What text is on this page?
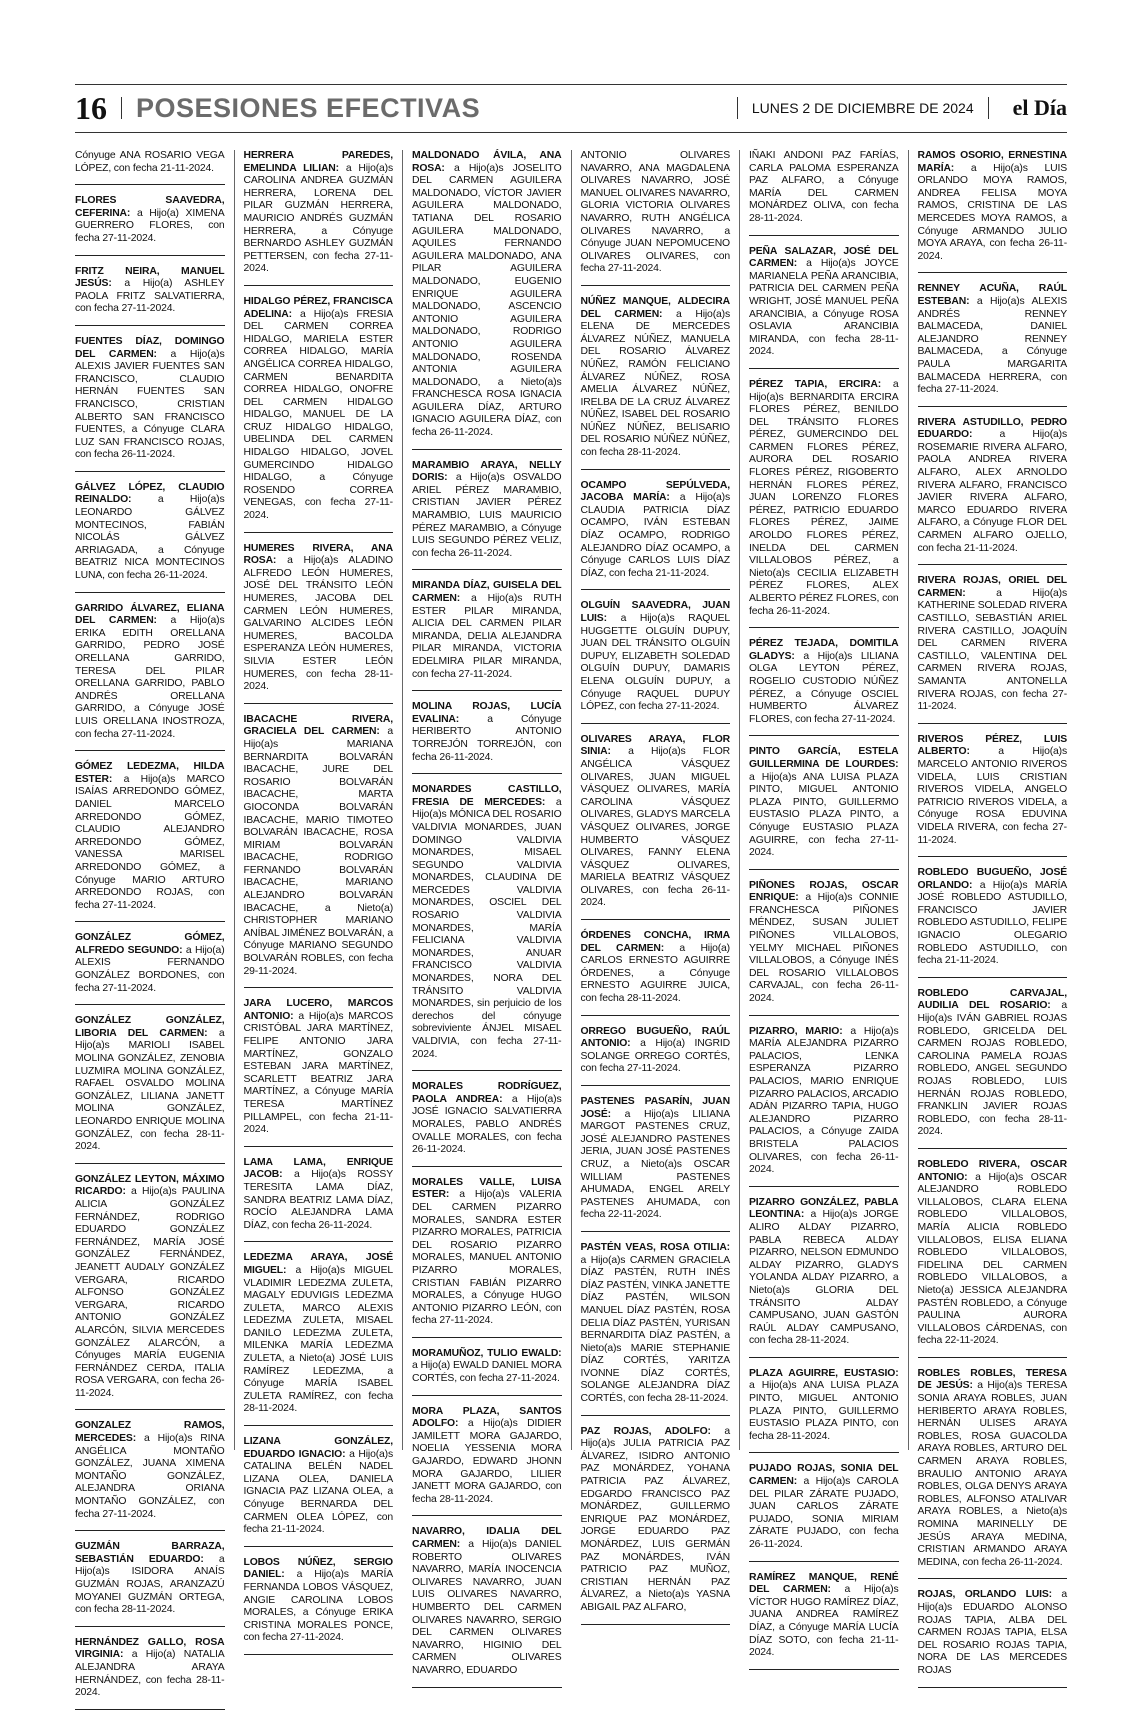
16 POSESIONES EFECTIVAS	LUNES 2 DE DICIEMBRE DE 2024 el Día

Cónyuge ANA ROSARIO VEGA LÓPEZ, con fecha 21-11-2024.

FLORES SAAVEDRA, CEFERINA: a Hijo(a) XIMENA GUERRERO FLORES, con fecha 27-11-2024.

FRITZ NEIRA, MANUEL JESÚS: a Hijo(a) ASHLEY PAOLA FRITZ SALVATIERRA, con fecha 27-11-2024.

FUENTES DÍAZ, DOMINGO DEL CARMEN: a Hijo(a)s ALEXIS JAVIER FUENTES SAN FRANCISCO, CLAUDIO HERNÁN FUENTES SAN FRANCISCO, CRISTIAN ALBERTO SAN FRANCISCO FUENTES, a Cónyuge CLARA LUZ SAN FRANCISCO ROJAS, con fecha 26-11-2024.

GÁLVEZ LÓPEZ, CLAUDIO REINALDO: a Hijo(a)s LEONARDO GÁLVEZ MONTECINOS, FABIÁN NICOLÁS GÁLVEZ ARRIAGADA, a Cónyuge BEATRIZ NICA MONTECINOS LUNA, con fecha 26-11-2024.

GARRIDO ÁLVAREZ, ELIANA DEL CARMEN: a Hijo(a)s ERIKA EDITH ORELLANA GARRIDO, PEDRO JOSÉ ORELLANA GARRIDO, TERESA DEL PILAR ORELLANA GARRIDO, PABLO ANDRÉS ORELLANA GARRIDO, a Cónyuge JOSÉ LUIS ORELLANA INOSTROZA, con fecha 27-11-2024.

GÓMEZ LEDEZMA, HILDA ESTER: a Hijo(a)s MARCO ISAÍAS ARREDONDO GÓMEZ, DANIEL MARCELO ARREDONDO GÓMEZ, CLAUDIO ALEJANDRO ARREDONDO GÓMEZ, VANESSA MARISEL ARREDONDO GÓMEZ, a Cónyuge MARIO ARTURO ARREDONDO ROJAS, con fecha 27-11-2024.

GONZÁLEZ GÓMEZ, ALFREDO SEGUNDO: a Hijo(a) ALEXIS FERNANDO GONZÁLEZ BORDONES, con fecha 27-11-2024.

GONZÁLEZ GONZÁLEZ, LIBORIA DEL CARMEN: a Hijo(a)s MARIOLI ISABEL MOLINA GONZÁLEZ, ZENOBIA LUZMIRA MOLINA GONZÁLEZ, RAFAEL OSVALDO MOLINA GONZÁLEZ, LILIANA JANETT MOLINA GONZÁLEZ, LEONARDO ENRIQUE MOLINA GONZÁLEZ, con fecha 28-11-2024.

GONZÁLEZ LEYTON, MÁXIMO RICARDO: a Hijo(a)s PAULINA ALICIA GONZÁLEZ FERNÁNDEZ, RODRIGO EDUARDO GONZÁLEZ FERNÁNDEZ, MARÍA JOSÉ GONZÁLEZ FERNÁNDEZ, JEANETT AUDALY GONZÁLEZ VERGARA, RICARDO ALFONSO GONZÁLEZ VERGARA, RICARDO ANTONIO GONZÁLEZ ALARCÓN, SILVIA MERCEDES GONZÁLEZ ALARCÓN, a Cónyuges MARÍA EUGENIA FERNÁNDEZ CERDA, ITALIA ROSA VERGARA, con fecha 26-11-2024.

GONZALEZ RAMOS, MERCEDES: a Hijo(a)s RINA ANGÉLICA MONTAÑO GONZÁLEZ, JUANA XIMENA MONTAÑO GONZÁLEZ, ALEJANDRA ORIANA MONTAÑO GONZÁLEZ, con fecha 27-11-2024.

GUZMÁN BARRAZA, SEBASTIÁN EDUARDO: a Hijo(a)s ISIDORA ANAÍS GUZMÁN ROJAS, ARANZAZÚ MOYANEI GUZMÁN ORTEGA, con fecha 28-11-2024.

HERNÁNDEZ GALLO, ROSA VIRGINIA: a Hijo(a) NATALIA ALEJANDRA ARAYA HERNÁNDEZ, con fecha 28-11-2024.

HERRERA PAREDES, EMELINDA LILIAN: a Hijo(a)s CAROLINA ANDREA GUZMÁN HERRERA, LORENA DEL PILAR GUZMÁN HERRERA, MAURICIO ANDRÉS GUZMÁN HERRERA, a Cónyuge BERNARDO ASHLEY GUZMÁN PETTERSEN, con fecha 27-11-2024.

HIDALGO PÉREZ, FRANCISCA ADELINA: a Hijo(a)s FRESIA DEL CARMEN CORREA HIDALGO, MARIELA ESTER CORREA HIDALGO, MARÍA ANGÉLICA CORREA HIDALGO, CARMEN BENARDITA CORREA HIDALGO, ONOFRE DEL CARMEN HIDALGO HIDALGO, MANUEL DE LA CRUZ HIDALGO HIDALGO, UBELINDA DEL CARMEN HIDALGO HIDALGO, JOVEL GUMERCINDO HIDALGO HIDALGO, a Cónyuge ROSENDO CORREA VENEGAS, con fecha 27-11-2024.

HUMERES RIVERA, ANA ROSA: a Hijo(a)s ALADINO ALFREDO LEÓN HUMERES, JOSÉ DEL TRÁNSITO LEÓN HUMERES, JACOBA DEL CARMEN LEÓN HUMERES, GALVARINO ALCIDES LEÓN HUMERES, BACOLDA ESPERANZA LEÓN HUMERES, SILVIA ESTER LEÓN HUMERES, con fecha 28-11-2024.

IBACACHE RIVERA, GRACIELA DEL CARMEN: a Hijo(a)s MARIANA BERNARDITA BOLVARÁN IBACACHE, JURE DEL ROSARIO BOLVARÁN IBACACHE, MARTA GIOCONDA BOLVARÁN IBACACHE, MARIO TIMOTEO BOLVARÁN IBACACHE, ROSA MIRIAM BOLVARÁN IBACACHE, RODRIGO FERNANDO BOLVARÁN IBACACHE, MARIANO ALEJANDRO BOLVARÁN IBACACHE, a Nieto(a) CHRISTOPHER MARIANO ANÍBAL JIMÉNEZ BOLVARÁN, a Cónyuge MARIANO SEGUNDO BOLVARÁN ROBLES, con fecha 29-11-2024.

JARA LUCERO, MARCOS ANTONIO: a Hijo(a)s MARCOS CRISTÓBAL JARA MARTÍNEZ, FELIPE ANTONIO JARA MARTÍNEZ, GONZALO ESTEBAN JARA MARTÍNEZ, SCARLETT BEATRIZ JARA MARTÍNEZ, a Cónyuge MARÍA TERESA MARTÍNEZ PILLAMPEL, con fecha 21-11-2024.

LAMA LAMA, ENRIQUE JACOB: a Hijo(a)s ROSSY TERESITA LAMA DÍAZ, SANDRA BEATRIZ LAMA DÍAZ, ROCÍO ALEJANDRA LAMA DÍAZ, con fecha 26-11-2024.

LEDEZMA ARAYA, JOSÉ MIGUEL: a Hijo(a)s MIGUEL VLADIMIR LEDEZMA ZULETA, MAGALY EDUVIGIS LEDEZMA ZULETA, MARCO ALEXIS LEDEZMA ZULETA, MISAEL DANILO LEDEZMA ZULETA, MILENKA MARÍA LEDEZMA ZULETA, a Nieto(a) JOSÉ LUIS RAMÍREZ LEDEZMA, a Cónyuge MARÍA ISABEL ZULETA RAMÍREZ, con fecha 28-11-2024.

LIZANA GONZÁLEZ, EDUARDO IGNACIO: a Hijo(a)s CATALINA BELÉN NADEL LIZANA OLEA, DANIELA IGNACIA PAZ LIZANA OLEA, a Cónyuge BERNARDA DEL CARMEN OLEA LÓPEZ, con fecha 21-11-2024.

LOBOS NÚÑEZ, SERGIO DANIEL: a Hijo(a)s MARÍA FERNANDA LOBOS VÁSQUEZ, ANGIE CAROLINA LOBOS MORALES, a Cónyuge ERIKA CRISTINA MORALES PONCE, con fecha 27-11-2024.

MALDONADO ÁVILA, ANA ROSA: a Hijo(a)s JOSELITO DEL CARMEN AGUILERA MALDONADO, VÍCTOR JAVIER AGUILERA MALDONADO, TATIANA DEL ROSARIO AGUILERA MALDONADO, AQUILES FERNANDO AGUILERA MALDONADO, ANA PILAR AGUILERA MALDONADO, EUGENIO ENRIQUE AGUILERA MALDONADO, ASCENCIO ANTONIO AGUILERA MALDONADO, RODRIGO ANTONIO AGUILERA MALDONADO, ROSENDA ANTONIA AGUILERA MALDONADO, a Nieto(a)s FRANCHESCA ROSA IGNACIA AGUILERA DÍAZ, ARTURO IGNACIO AGUILERA DÍAZ, con fecha 26-11-2024.

MARAMBIO ARAYA, NELLY DORIS: a Hijo(a)s OSVALDO ARIEL PÉREZ MARAMBIO, CRISTIAN JAVIER PÉREZ MARAMBIO, LUIS MAURICIO PÉREZ MARAMBIO, a Cónyuge LUIS SEGUNDO PÉREZ VELIZ, con fecha 26-11-2024.

MIRANDA DÍAZ, GUISELA DEL CARMEN: a Hijo(a)s RUTH ESTER PILAR MIRANDA, ALICIA DEL CARMEN PILAR MIRANDA, DELIA ALEJANDRA PILAR MIRANDA, VICTORIA EDELMIRA PILAR MIRANDA, con fecha 27-11-2024.

MOLINA ROJAS, LUCÍA EVALINA: a Cónyuge HERIBERTO ANTONIO TORREJÓN TORREJÓN, con fecha 26-11-2024.

MONARDES CASTILLO, FRESIA DE MERCEDES: a Hijo(a)s MÓNICA DEL ROSARIO VALDIVIA MONARDES, JUAN DOMINGO VALDIVIA MONARDES, MISAEL SEGUNDO VALDIVIA MONARDES, CLAUDINA DE MERCEDES VALDIVIA MONARDES, OSCIEL DEL ROSARIO VALDIVIA MONARDES, MARÍA FELICIANA VALDIVIA MONARDES, ANUAR FRANCISCO VALDIVIA MONARDES, NORA DEL TRÁNSITO VALDIVIA MONARDES, sin perjuicio de los derechos del cónyuge sobreviviente ÁNJEL MISAEL VALDIVIA, con fecha 27-11-2024.

MORALES RODRÍGUEZ, PAOLA ANDREA: a Hijo(a)s JOSÉ IGNACIO SALVATIERRA MORALES, PABLO ANDRÉS OVALLE MORALES, con fecha 26-11-2024.

MORALES VALLE, LUISA ESTER: a Hijo(a)s VALERIA DEL CARMEN PIZARRO MORALES, SANDRA ESTER PIZARRO MORALES, PATRICIA DEL ROSARIO PIZARRO MORALES, MANUEL ANTONIO PIZARRO MORALES, CRISTIAN FABIÁN PIZARRO MORALES, a Cónyuge HUGO ANTONIO PIZARRO LEÓN, con fecha 27-11-2024.

MORAMUÑOZ, TULIO EWALD: a Hijo(a) EWALD DANIEL MORA CORTÉS, con fecha 27-11-2024.

MORA PLAZA, SANTOS ADOLFO: a Hijo(a)s DIDIER JAMILETT MORA GAJARDO, NOELIA YESSENIA MORA GAJARDO, EDWARD JHONN MORA GAJARDO, LILIER JANETT MORA GAJARDO, con fecha 28-11-2024.

NAVARRO, IDALIA DEL CARMEN: a Hijo(a)s DANIEL ROBERTO OLIVARES NAVARRO, MARÍA INOCENCIA OLIVARES NAVARRO, JUAN LUIS OLIVARES NAVARRO, HUMBERTO DEL CARMEN OLIVARES NAVARRO, SERGIO DEL CARMEN OLIVARES NAVARRO, HIGINIO DEL CARMEN OLIVARES NAVARRO, EDUARDO

ANTONIO OLIVARES NAVARRO, ANA MAGDALENA OLIVARES NAVARRO, JOSÉ MANUEL OLIVARES NAVARRO, GLORIA VICTORIA OLIVARES NAVARRO, RUTH ANGÉLICA OLIVARES NAVARRO, a Cónyuge JUAN NEPOMUCENO OLIVARES OLIVARES, con fecha 27-11-2024.

NÚÑEZ MANQUE, ALDECIRA DEL CARMEN: a Hijo(a)s ELENA DE MERCEDES ÁLVAREZ NÚÑEZ, MANUELA DEL ROSARIO ÁLVAREZ NÚÑEZ, RAMÓN FELICIANO ÁLVAREZ NÚÑEZ, ROSA AMELIA ÁLVAREZ NÚÑEZ, IRELBA DE LA CRUZ ÁLVAREZ NÚÑEZ, ISABEL DEL ROSARIO NÚÑEZ NÚÑEZ, BELISARIO DEL ROSARIO NÚÑEZ NÚÑEZ, con fecha 28-11-2024.

OCAMPO SEPÚLVEDA, JACOBA MARÍA: a Hijo(a)s CLAUDIA PATRICIA DÍAZ OCAMPO, IVÁN ESTEBAN DÍAZ OCAMPO, RODRIGO ALEJANDRO DÍAZ OCAMPO, a Cónyuge CARLOS LUIS DÍAZ DÍAZ, con fecha 21-11-2024.

OLGUÍN SAAVEDRA, JUAN LUIS: a Hijo(a)s RAQUEL HUGGETTE OLGUÍN DUPUY, JUAN DEL TRÁNSITO OLGUÍN DUPUY, ELIZABETH SOLEDAD OLGUÍN DUPUY, DAMARIS ELENA OLGUÍN DUPUY, a Cónyuge RAQUEL DUPUY LÓPEZ, con fecha 27-11-2024.

OLIVARES ARAYA, FLOR SINIA: a Hijo(a)s FLOR ANGÉLICA VÁSQUEZ OLIVARES, JUAN MIGUEL VÁSQUEZ OLIVARES, MARÍA CAROLINA VÁSQUEZ OLIVARES, GLADYS MARCELA VÁSQUEZ OLIVARES, JORGE HUMBERTO VÁSQUEZ OLIVARES, FANNY ELENA VÁSQUEZ OLIVARES, MARIELA BEATRIZ VÁSQUEZ OLIVARES, con fecha 26-11-2024.

ÓRDENES CONCHA, IRMA DEL CARMEN: a Hijo(a) CARLOS ERNESTO AGUIRRE ÓRDENES, a Cónyuge ERNESTO AGUIRRE JUICA, con fecha 28-11-2024.

ORREGO BUGUEÑO, RAÚL ANTONIO: a Hijo(a) INGRID SOLANGE ORREGO CORTÉS, con fecha 27-11-2024.

PASTENES PASARÍN, JUAN JOSÉ: a Hijo(a)s LILIANA MARGOT PASTENES CRUZ, JOSÉ ALEJANDRO PASTENES JERIA, JUAN JOSÉ PASTENES CRUZ, a Nieto(a)s OSCAR WILLIAM PASTENES AHUMADA, ENGEL ARELY PASTENES AHUMADA, con fecha 22-11-2024.

PASTÉN VEAS, ROSA OTILIA: a Hijo(a)s CARMEN GRACIELA DÍAZ PASTÉN, RUTH INÉS DÍAZ PASTÉN, VINKA JANETTE DÍAZ PASTÉN, WILSON MANUEL DÍAZ PASTÉN, ROSA DELIA DÍAZ PASTÉN, YURISAN BERNARDITA DÍAZ PASTÉN, a Nieto(a)s MARIE STEPHANIE DÍAZ CORTÉS, YARITZA IVONNE DÍAZ CORTÉS, SOLANGE ALEJANDRA DÍAZ CORTÉS, con fecha 28-11-2024.

PAZ ROJAS, ADOLFO: a Hijo(a)s JULIA PATRICIA PAZ ÁLVAREZ, ISIDRO ANTONIO PAZ MONÁRDEZ, YOHANA PATRICIA PAZ ÁLVAREZ, EDGARDO FRANCISCO PAZ MONÁRDEZ, GUILLERMO ENRIQUE PAZ MONÁRDEZ, JORGE EDUARDO PAZ MONÁRDEZ, LUIS GERMÁN PAZ MONÁRDES, IVÁN PATRICIO PAZ MUÑOZ, CRISTIAN HERNÁN PAZ ÁLVAREZ, a Nieto(a)s YASNA ABIGAIL PAZ ALFARO,

IÑAKI ANDONI PAZ FARÍAS, CARLA PALOMA ESPERANZA PAZ ALFARO, a Cónyuge MARÍA DEL CARMEN MONÁRDEZ OLIVA, con fecha 28-11-2024.

PEÑA SALAZAR, JOSÉ DEL CARMEN: a Hijo(a)s JOYCE MARIANELA PEÑA ARANCIBIA, PATRICIA DEL CARMEN PEÑA WRIGHT, JOSÉ MANUEL PEÑA ARANCIBIA, a Cónyuge ROSA OSLAVIA ARANCIBIA MIRANDA, con fecha 28-11-2024.

PÉREZ TAPIA, ERCIRA: a Hijo(a)s BERNARDITA ERCIRA FLORES PÉREZ, BENILDO DEL TRÁNSITO FLORES PÉREZ, GUMERCINDO DEL CARMEN FLORES PÉREZ, AURORA DEL ROSARIO FLORES PÉREZ, RIGOBERTO HERNÁN FLORES PÉREZ, JUAN LORENZO FLORES PÉREZ, PATRICIO EDUARDO FLORES PÉREZ, JAIME AROLDO FLORES PÉREZ, INELDA DEL CARMEN VILLALOBOS PÉREZ, a Nieto(a)s CECILIA ELIZABETH PÉREZ FLORES, ALEX ALBERTO PÉREZ FLORES, con fecha 26-11-2024.

PÉREZ TEJADA, DOMITILA GLADYS: a Hijo(a)s LILIANA OLGA LEYTON PÉREZ, ROGELIO CUSTODIO NÚÑEZ PÉREZ, a Cónyuge OSCIEL HUMBERTO ÁLVAREZ FLORES, con fecha 27-11-2024.

PINTO GARCÍA, ESTELA GUILLERMINA DE LOURDES: a Hijo(a)s ANA LUISA PLAZA PINTO, MIGUEL ANTONIO PLAZA PINTO, GUILLERMO EUSTASIO PLAZA PINTO, a Cónyuge EUSTASIO PLAZA AGUIRRE, con fecha 27-11-2024.

PIÑONES ROJAS, OSCAR ENRIQUE: a Hijo(a)s CONNIE FRANCHESCA PIÑONES MÉNDEZ, SUSAN JULIET PIÑONES VILLALOBOS, YELMY MICHAEL PIÑONES VILLALOBOS, a Cónyuge INÉS DEL ROSARIO VILLALOBOS CARVAJAL, con fecha 26-11-2024.

PIZARRO, MARIO: a Hijo(a)s MARÍA ALEJANDRA PIZARRO PALACIOS, LENKA ESPERANZA PIZARRO PALACIOS, MARIO ENRIQUE PIZARRO PALACIOS, ARCADIO ADÁN PIZARRO TAPIA, HUGO ALEJANDRO PIZARRO PALACIOS, a Cónyuge ZAIDA BRISTELA PALACIOS OLIVARES, con fecha 26-11-2024.

PIZARRO GONZÁLEZ, PABLA LEONTINA: a Hijo(a)s JORGE ALIRO ALDAY PIZARRO, PABLA REBECA ALDAY PIZARRO, NELSON EDMUNDO ALDAY PIZARRO, GLADYS YOLANDA ALDAY PIZARRO, a Nieto(a)s GLORIA DEL TRÁNSITO ALDAY CAMPUSANO, JUAN GASTÓN RAÚL ALDAY CAMPUSANO, con fecha 28-11-2024.

PLAZA AGUIRRE, EUSTASIO: a Hijo(a)s ANA LUISA PLAZA PINTO, MIGUEL ANTONIO PLAZA PINTO, GUILLERMO EUSTASIO PLAZA PINTO, con fecha 28-11-2024.

PUJADO ROJAS, SONIA DEL CARMEN: a Hijo(a)s CAROLA DEL PILAR ZÁRATE PUJADO, JUAN CARLOS ZÁRATE PUJADO, SONIA MIRIAM ZÁRATE PUJADO, con fecha 26-11-2024.

RAMÍREZ MANQUE, RENÉ DEL CARMEN: a Hijo(a)s VÍCTOR HUGO RAMÍREZ DÍAZ, JUANA ANDREA RAMÍREZ DÍAZ, a Cónyuge MARÍA LUCÍA DÍAZ SOTO, con fecha 21-11-2024.

RAMOS OSORIO, ERNESTINA MARÍA: a Hijo(a)s LUIS ORLANDO MOYA RAMOS, ANDREA FELISA MOYA RAMOS, CRISTINA DE LAS MERCEDES MOYA RAMOS, a Cónyuge ARMANDO JULIO MOYA ARAYA, con fecha 26-11-2024.

RENNEY ACUÑA, RAÚL ESTEBAN: a Hijo(a)s ALEXIS ANDRÉS RENNEY BALMACEDA, DANIEL ALEJANDRO RENNEY BALMACEDA, a Cónyuge PAULA MARGARITA BALMACEDA HERRERA, con fecha 27-11-2024.

RIVERA ASTUDILLO, PEDRO EDUARDO: a Hijo(a)s ROSEMARIE RIVERA ALFARO, PAOLA ANDREA RIVERA ALFARO, ALEX ARNOLDO RIVERA ALFARO, FRANCISCO JAVIER RIVERA ALFARO, MARCO EDUARDO RIVERA ALFARO, a Cónyuge FLOR DEL CARMEN ALFARO OJELLO, con fecha 21-11-2024.

RIVERA ROJAS, ORIEL DEL CARMEN: a Hijo(a)s KATHERINE SOLEDAD RIVERA CASTILLO, SEBASTIÁN ARIEL RIVERA CASTILLO, JOAQUÍN DEL CARMEN RIVERA CASTILLO, VALENTINA DEL CARMEN RIVERA ROJAS, SAMANTA ANTONELLA RIVERA ROJAS, con fecha 27-11-2024.

RIVEROS PÉREZ, LUIS ALBERTO: a Hijo(a)s MARCELO ANTONIO RIVEROS VIDELA, LUIS CRISTIAN RIVEROS VIDELA, ANGELO PATRICIO RIVEROS VIDELA, a Cónyuge ROSA EDUVINA VIDELA RIVERA, con fecha 27-11-2024.

ROBLEDO BUGUEÑO, JOSÉ ORLANDO: a Hijo(a)s MARÍA JOSÉ ROBLEDO ASTUDILLO, FRANCISCO JAVIER ROBLEDO ASTUDILLO, FELIPE IGNACIO OLEGARIO ROBLEDO ASTUDILLO, con fecha 21-11-2024.

ROBLEDO CARVAJAL, AUDILIA DEL ROSARIO: a Hijo(a)s IVÁN GABRIEL ROJAS ROBLEDO, GRICELDA DEL CARMEN ROJAS ROBLEDO, CAROLINA PAMELA ROJAS ROBLEDO, ANGEL SEGUNDO ROJAS ROBLEDO, LUIS HERNÁN ROJAS ROBLEDO, FRANKLIN JAVIER ROJAS ROBLEDO, con fecha 28-11-2024.

ROBLEDO RIVERA, OSCAR ANTONIO: a Hijo(a)s OSCAR ALEJANDRO ROBLEDO VILLALOBOS, CLARA ELENA ROBLEDO VILLALOBOS, MARÍA ALICIA ROBLEDO VILLALOBOS, ELISA ELIANA ROBLEDO VILLALOBOS, FIDELINA DEL CARMEN ROBLEDO VILLALOBOS, a Nieto(a) JESSICA ALEJANDRA PASTÉN ROBLEDO, a Cónyuge PAULINA AURORA VILLALOBOS CÁRDENAS, con fecha 22-11-2024.

ROBLES ROBLES, TERESA DE JESÚS: a Hijo(a)s TERESA SONIA ARAYA ROBLES, JUAN HERIBERTO ARAYA ROBLES, HERNÁN ULISES ARAYA ROBLES, ROSA GUACOLDA ARAYA ROBLES, ARTURO DEL CARMEN ARAYA ROBLES, BRAULIO ANTONIO ARAYA ROBLES, OLGA DENYS ARAYA ROBLES, ALFONSO ATALIVAR ARAYA ROBLES, a Nieto(a)s ROMINA MARINELLY DE JESÚS ARAYA MEDINA, CRISTIAN ARMANDO ARAYA MEDINA, con fecha 26-11-2024.

ROJAS, ORLANDO LUIS: a Hijo(a)s EDUARDO ALONSO ROJAS TAPIA, ALBA DEL CARMEN ROJAS TAPIA, ELSA DEL ROSARIO ROJAS TAPIA, NORA DE LAS MERCEDES ROJAS
